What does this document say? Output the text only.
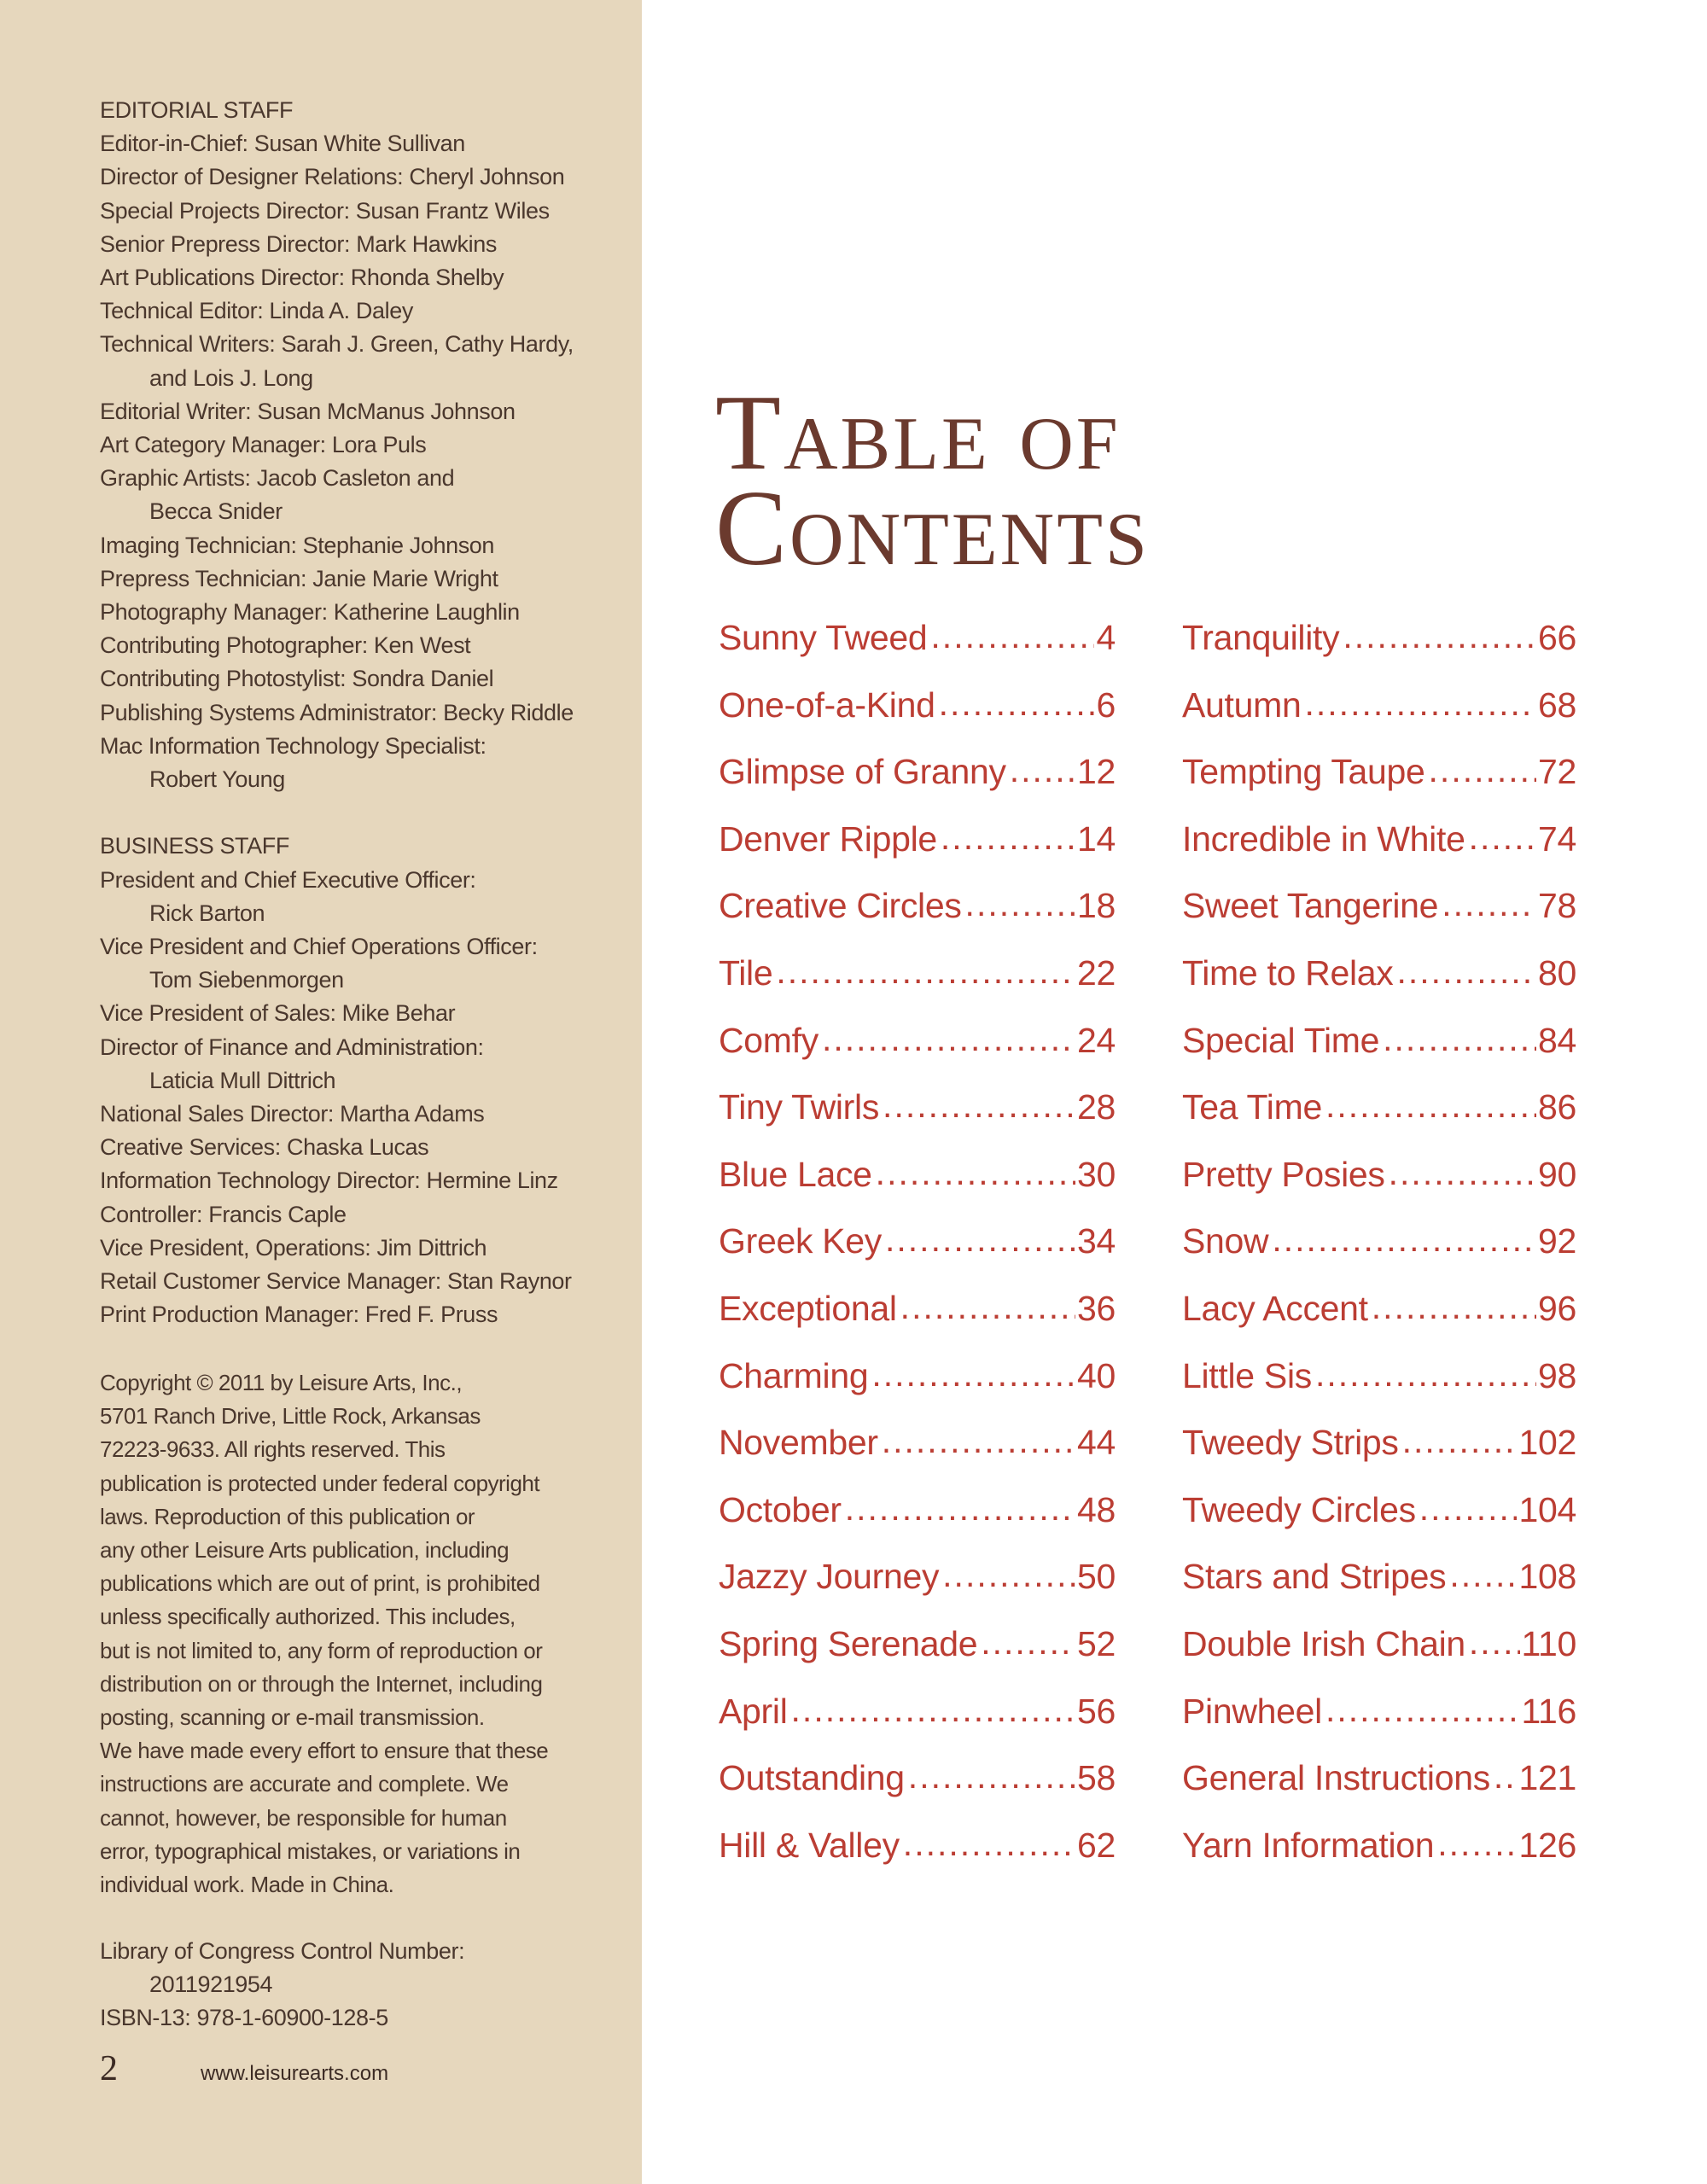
EDITORIAL STAFF
Editor-in-Chief: Susan White Sullivan
Director of Designer Relations: Cheryl Johnson
Special Projects Director: Susan Frantz Wiles
Senior Prepress Director: Mark Hawkins
Art Publications Director: Rhonda Shelby
Technical Editor: Linda A. Daley
Technical Writers: Sarah J. Green, Cathy Hardy,
and Lois J. Long
Editorial Writer: Susan McManus Johnson
Art Category Manager: Lora Puls
Graphic Artists: Jacob Casleton and
Becca Snider
Imaging Technician: Stephanie Johnson
Prepress Technician: Janie Marie Wright
Photography Manager: Katherine Laughlin
Contributing Photographer: Ken West
Contributing Photostylist: Sondra Daniel
Publishing Systems Administrator: Becky Riddle
Mac Information Technology Specialist:
Robert Young
BUSINESS STAFF
President and Chief Executive Officer:
Rick Barton
Vice President and Chief Operations Officer:
Tom Siebenmorgen
Vice President of Sales: Mike Behar
Director of Finance and Administration:
Laticia Mull Dittrich
National Sales Director: Martha Adams
Creative Services: Chaska Lucas
Information Technology Director: Hermine Linz
Controller: Francis Caple
Vice President, Operations: Jim Dittrich
Retail Customer Service Manager: Stan Raynor
Print Production Manager: Fred F. Pruss
Copyright © 2011 by Leisure Arts, Inc.,
5701 Ranch Drive, Little Rock, Arkansas
72223-9633. All rights reserved. This
publication is protected under federal copyright
laws. Reproduction of this publication or
any other Leisure Arts publication, including
publications which are out of print, is prohibited
unless specifically authorized. This includes,
but is not limited to, any form of reproduction or
distribution on or through the Internet, including
posting, scanning or e-mail transmission.
We have made every effort to ensure that these
instructions are accurate and complete. We
cannot, however, be responsible for human
error, typographical mistakes, or variations in
individual work. Made in China.
Library of Congress Control Number:
2011921954
ISBN-13: 978-1-60900-128-5
2	www.leisurearts.com
Table of
Contents
Sunny Tweed .....	4
One-of-a-Kind .....	6
Glimpse of Granny ..... 12
Denver Ripple .....	14
Creative Circles .....	18
Tile .....	22
Comfy .....	24
Tiny Twirls .....	28
Blue Lace .....	30
Greek Key .....	34
Exceptional .....	36
Charming .....	40
November .....	44
October .....	48
Jazzy Journey .....	50
Spring Serenade .....	52
April .....	56
Outstanding .....	58
Hill & Valley .....	62
Tranquility .....	66
Autumn .....	68
Tempting Taupe .....	72
Incredible in White ..... 74
Sweet Tangerine .....	78
Time to Relax .....	80
Special Time .....	84
Tea Time .....	86
Pretty Posies .....	90
Snow .....	92
Lacy Accent .....	96
Little Sis .....	98
Tweedy Strips .....	102
Tweedy Circles .....	104
Stars and Stripes ..... 108
Double Irish Chain ..... 110
Pinwheel .....	116
General Instructions ..... 121
Yarn Information ..... 126
